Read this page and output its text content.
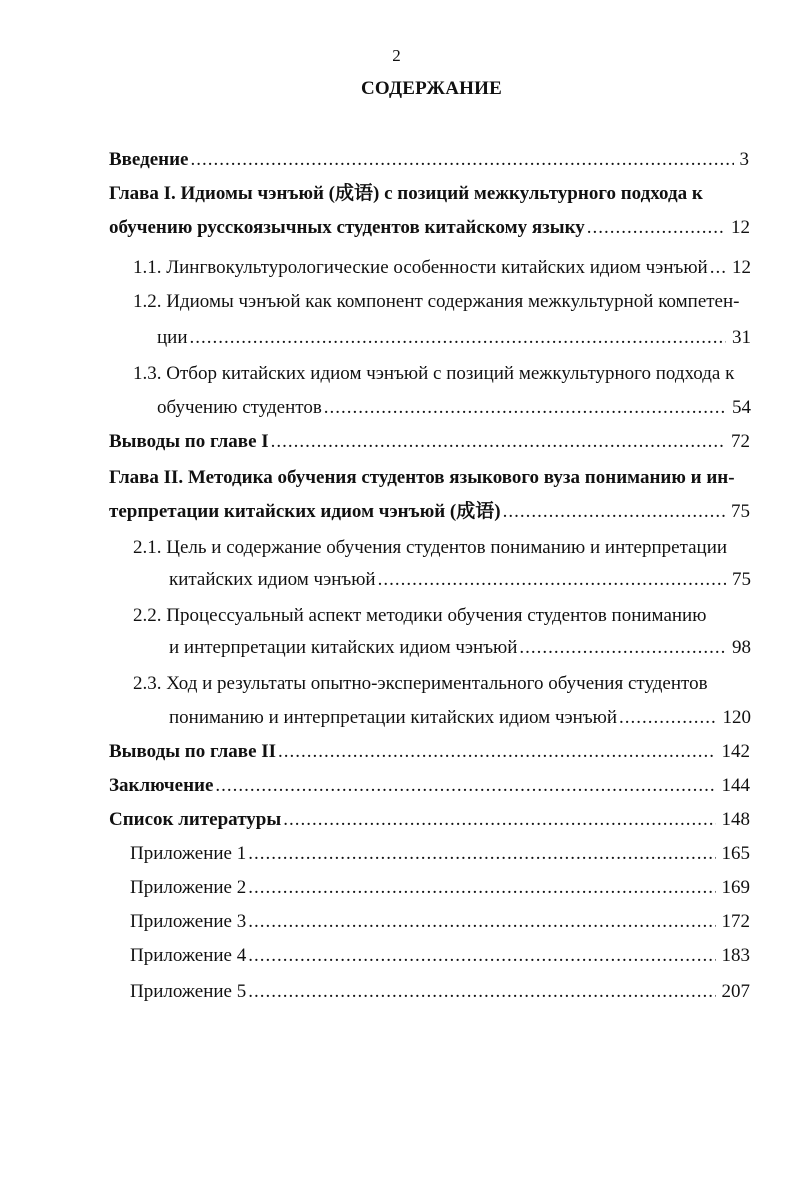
2
СОДЕРЖАНИЕ
Введение .....	3
Глава I. Идиомы чэнъюй (成语) с позиций межкультурного подхода к
обучению русскоязычных студентов китайскому языку .....	12
1.1. Лингвокультурологические особенности китайских идиом чэнъюй ..... 12
1.2. Идиомы чэнъюй как компонент содержания межкультурной компетен-
ции .....	31
1.3. Отбор китайских идиом чэнъюй с позиций межкультурного подхода к
обучению студентов .....	54
Выводы по главе I .....	72
Глава II. Методика обучения студентов языкового вуза пониманию и ин-
терпретации китайских идиом чэнъюй (成语) .....	75
2.1. Цель и содержание обучения студентов пониманию и интерпретации
китайских идиом чэнъюй .....	75
2.2. Процессуальный аспект методики обучения студентов пониманию
и интерпретации китайских идиом чэнъюй .....	98
2.3. Ход и результаты опытно-экспериментального обучения студентов
пониманию и интерпретации китайских идиом чэнъюй .....	120
Выводы по главе II .....	142
Заключение .....	144
Список литературы .....	148
Приложение 1 .....	165
Приложение 2 .....	169
Приложение 3 .....	172
Приложение 4 .....	183
Приложение 5 .....	207
